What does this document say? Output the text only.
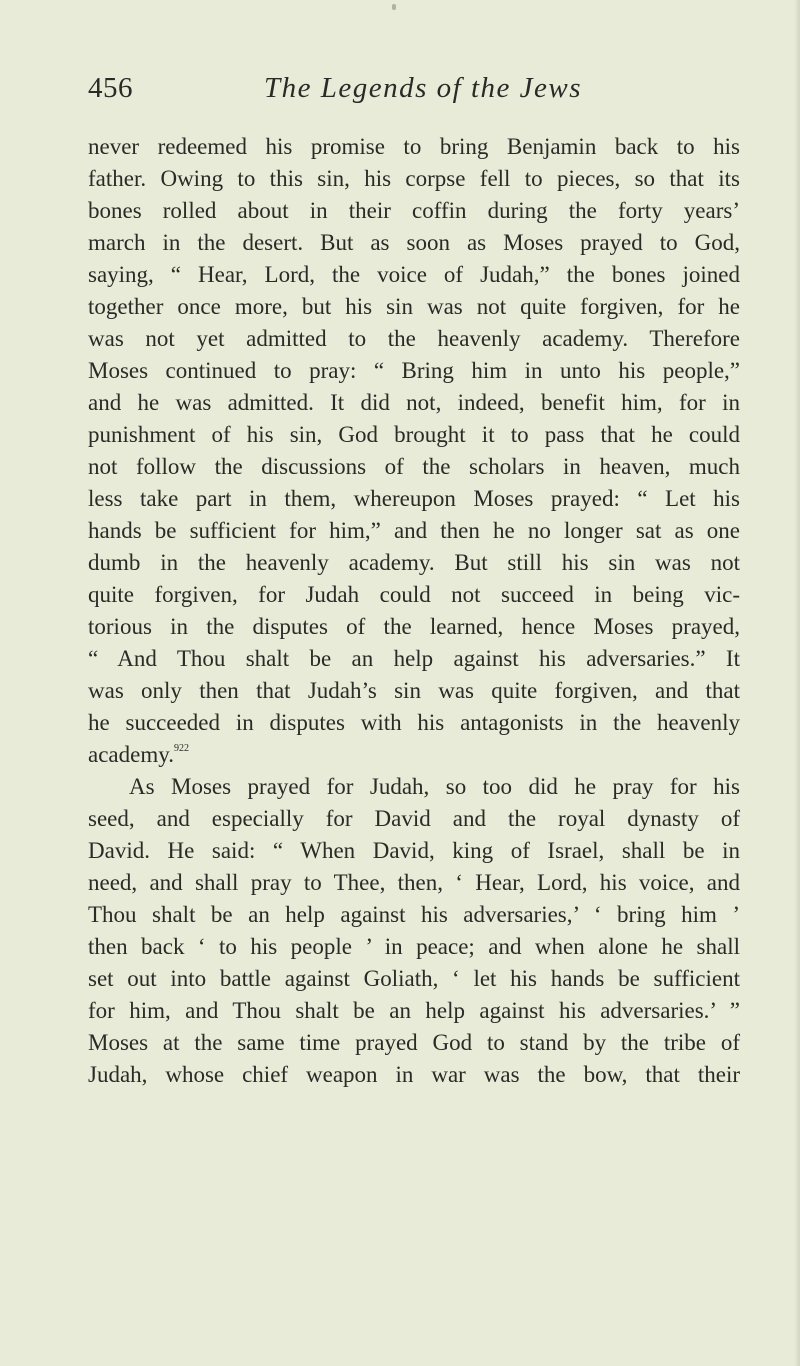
456	The Legends of the Jews
never redeemed his promise to bring Benjamin back to his
father. Owing to this sin, his corpse fell to pieces, so that its
bones rolled about in their coffin during the forty years’
march in the desert. But as soon as Moses prayed to God,
saying, “ Hear, Lord, the voice of Judah,” the bones joined
together once more, but his sin was not quite forgiven, for he
was not yet admitted to the heavenly academy. Therefore
Moses continued to pray: “ Bring him in unto his people,”
and he was admitted. It did not, indeed, benefit him, for in
punishment of his sin, God brought it to pass that he could
not follow the discussions of the scholars in heaven, much
less take part in them, whereupon Moses prayed: “ Let his
hands be sufficient for him,” and then he no longer sat as one
dumb in the heavenly academy. But still his sin was not
quite forgiven, for Judah could not succeed in being vic-
torious in the disputes of the learned, hence Moses prayed,
“ And Thou shalt be an help against his adversaries.” It
was only then that Judah’s sin was quite forgiven, and that
he succeeded in disputes with his antagonists in the heavenly
academy.$^{922}$
As Moses prayed for Judah, so too did he pray for his
seed, and especially for David and the royal dynasty of
David. He said: “ When David, king of Israel, shall be in
need, and shall pray to Thee, then, ‘ Hear, Lord, his voice, and
Thou shalt be an help against his adversaries,’ ‘ bring him ’
then back ‘ to his people ’ in peace; and when alone he shall
set out into battle against Goliath, ‘ let his hands be sufficient
for him, and Thou shalt be an help against his adversaries.’ ”
Moses at the same time prayed God to stand by the tribe of
Judah, whose chief weapon in war was the bow, that their
